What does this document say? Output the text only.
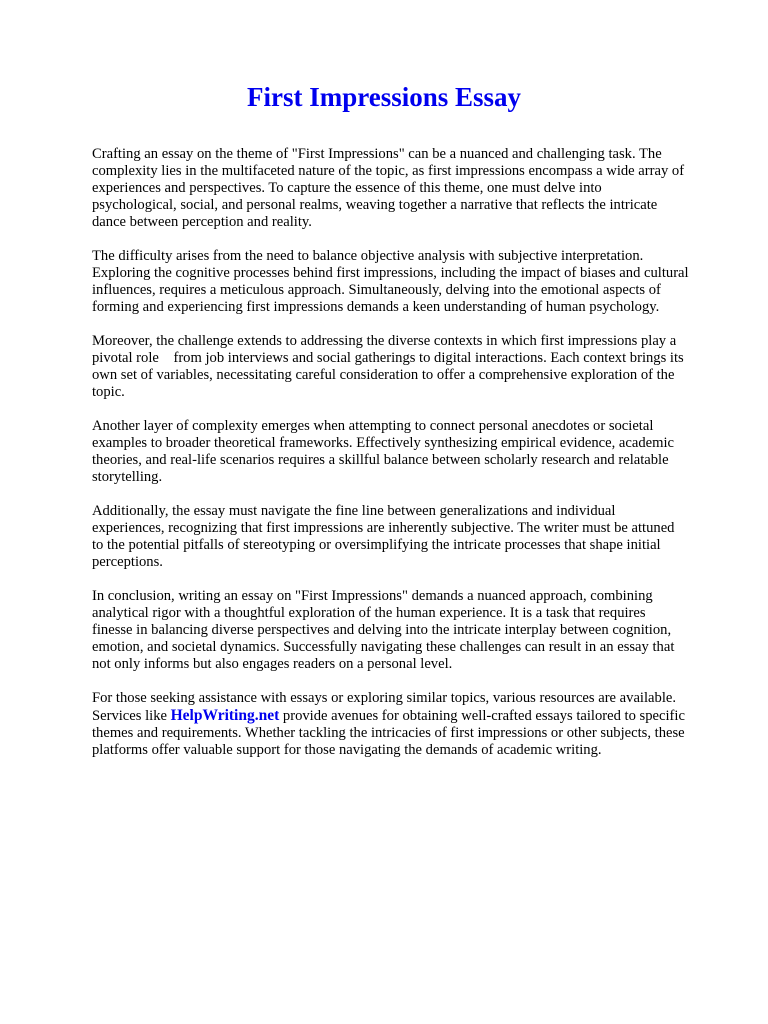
First Impressions Essay

Crafting an essay on the theme of "First Impressions" can be a nuanced and challenging task. The
complexity lies in the multifaceted nature of the topic, as first impressions encompass a wide array of
experiences and perspectives. To capture the essence of this theme, one must delve into
psychological, social, and personal realms, weaving together a narrative that reflects the intricate
dance between perception and reality.

The difficulty arises from the need to balance objective analysis with subjective interpretation.
Exploring the cognitive processes behind first impressions, including the impact of biases and cultural
influences, requires a meticulous approach. Simultaneously, delving into the emotional aspects of
forming and experiencing first impressions demands a keen understanding of human psychology.

Moreover, the challenge extends to addressing the diverse contexts in which first impressions play a
pivotal role    from job interviews and social gatherings to digital interactions. Each context brings its
own set of variables, necessitating careful consideration to offer a comprehensive exploration of the
topic.

Another layer of complexity emerges when attempting to connect personal anecdotes or societal
examples to broader theoretical frameworks. Effectively synthesizing empirical evidence, academic
theories, and real-life scenarios requires a skillful balance between scholarly research and relatable
storytelling.

Additionally, the essay must navigate the fine line between generalizations and individual
experiences, recognizing that first impressions are inherently subjective. The writer must be attuned
to the potential pitfalls of stereotyping or oversimplifying the intricate processes that shape initial
perceptions.

In conclusion, writing an essay on "First Impressions" demands a nuanced approach, combining
analytical rigor with a thoughtful exploration of the human experience. It is a task that requires
finesse in balancing diverse perspectives and delving into the intricate interplay between cognition,
emotion, and societal dynamics. Successfully navigating these challenges can result in an essay that
not only informs but also engages readers on a personal level.

For those seeking assistance with essays or exploring similar topics, various resources are available.
Services like HelpWriting.net provide avenues for obtaining well-crafted essays tailored to specific
themes and requirements. Whether tackling the intricacies of first impressions or other subjects, these
platforms offer valuable support for those navigating the demands of academic writing.
